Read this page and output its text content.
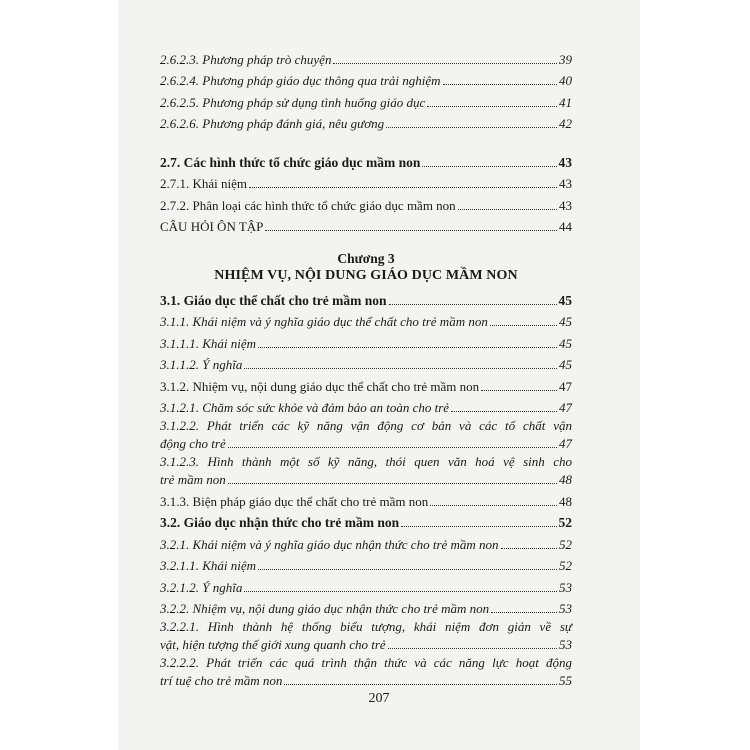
2.6.2.3. Phương pháp trò chuyện	39
2.6.2.4. Phương pháp giáo dục thông qua trải nghiệm	40
2.6.2.5. Phương pháp sử dụng tình huống giáo dục	41
2.6.2.6. Phương pháp đánh giá, nêu gương	42
2.7. Các hình thức tổ chức giáo dục mầm non	43
2.7.1. Khái niệm	43
2.7.2. Phân loại các hình thức tổ chức giáo dục mầm non	43
CÂU HỎI ÔN TẬP	44
Chương 3
NHIỆM VỤ, NỘI DUNG GIÁO DỤC MẦM NON
3.1. Giáo dục thể chất cho trẻ mầm non	45
3.1.1. Khái niệm và ý nghĩa giáo dục thể chất cho trẻ mầm non	45
3.1.1.1. Khái niệm	45
3.1.1.2. Ý nghĩa	45
3.1.2. Nhiệm vụ, nội dung giáo dục thể chất cho trẻ mầm non	47
3.1.2.1. Chăm sóc sức khỏe và đảm bảo an toàn cho trẻ	47
3.1.2.2. Phát triển các kỹ năng vận động cơ bản và các tố chất vận
động cho trẻ	47
3.1.2.3. Hình thành một số kỹ năng, thói quen văn hoá vệ sinh cho
trẻ mầm non	48
3.1.3. Biện pháp giáo dục thể chất cho trẻ mầm non	48
3.2. Giáo dục nhận thức cho trẻ mầm non	52
3.2.1. Khái niệm và ý nghĩa giáo dục nhận thức cho trẻ mầm non	52
3.2.1.1. Khái niệm	52
3.2.1.2. Ý nghĩa	53
3.2.2. Nhiệm vụ, nội dung giáo dục nhận thức cho trẻ mầm non	53
3.2.2.1. Hình thành hệ thống biểu tượng, khái niệm đơn giản về sự
vật, hiện tượng thế giới xung quanh cho trẻ	53
3.2.2.2. Phát triển các quá trình thận thức và các năng lực hoạt động
trí tuệ cho trẻ mầm non	55
207
